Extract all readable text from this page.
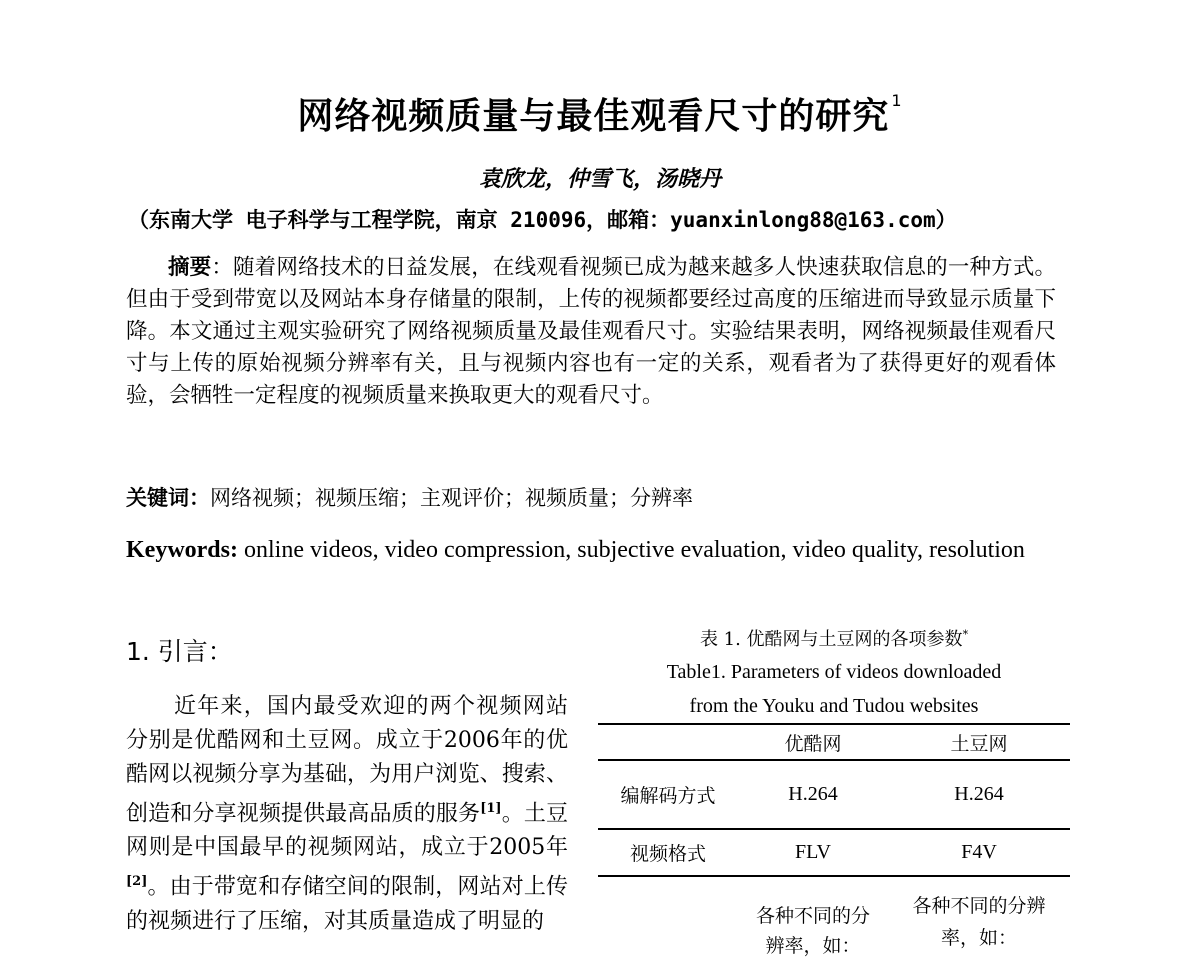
网络视频质量与最佳观看尺寸的研究 $^1$
袁欣龙，仲雪飞，汤晓丹
（东南大学 电子科学与工程学院，南京 210096，邮箱：yuanxinlong88@163.com）
摘要：随着网络技术的日益发展，在线观看视频已成为越来越多人快速获取信息的一种方式。但由于受到带宽以及网站本身存储量的限制，上传的视频都要经过高度的压缩进而导致显示质量下降。本文通过主观实验研究了网络视频质量及最佳观看尺寸。实验结果表明，网络视频最佳观看尺寸与上传的原始视频分辨率有关，且与视频内容也有一定的关系，观看者为了获得更好的观看体验，会牺牲一定程度的视频质量来换取更大的观看尺寸。
关键词：网络视频；视频压缩；主观评价；视频质量；分辨率
Keywords: online videos, video compression, subjective evaluation, video quality, resolution
1. 引言：
近年来，国内最受欢迎的两个视频网站分别是优酷网和土豆网。成立于2006年的优酷网以视频分享为基础，为用户浏览、搜索、创造和分享视频提供最高品质的服务[1]。土豆网则是中国最早的视频网站，成立于2005年[2]。由于带宽和存储空间的限制，网站对上传的视频进行了压缩，对其质量造成了明显的
表 1. 优酷网与土豆网的各项参数*
Table1. Parameters of videos downloaded
from the Youku and Tudou websites
	优酷网	土豆网
编解码方式	H.264	H.264
视频格式	FLV	F4V
	各种不同的分辨率，如：	各种不同的分辨率，如：
